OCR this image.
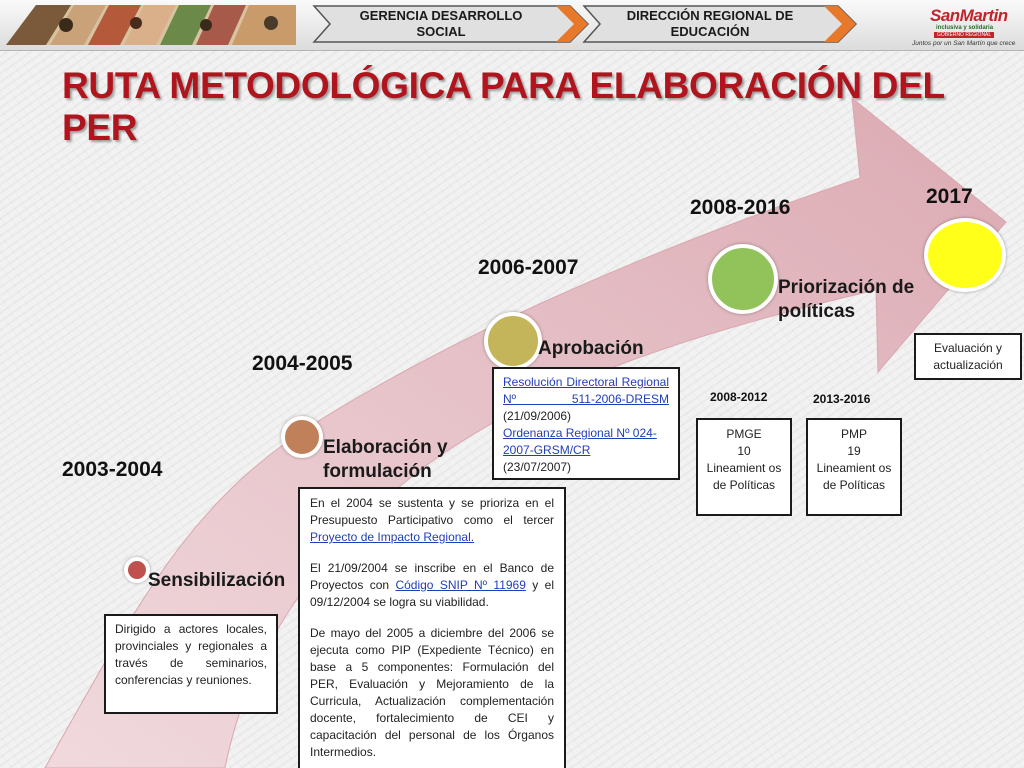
GERENCIA DESARROLLO SOCIAL
DIRECCIÓN REGIONAL DE EDUCACIÓN
SanMartin
inclusiva y solidaria
GOBIERNO REGIONAL
Juntos por un San Martín que crece
RUTA METODOLÓGICA PARA ELABORACIÓN DEL PER
2003-2004
Sensibilización
2004-2005
Elaboración y formulación
2006-2007
Aprobación
2008-2016
Priorización de políticas
2017

Dirigido a actores locales, provinciales y regionales a través de seminarios, conferencias y reuniones.

En el 2004 se sustenta y se prioriza en el Presupuesto Participativo como el tercer Proyecto de Impacto Regional.

El 21/09/2004 se inscribe en el Banco de Proyectos con Código SNIP Nº 11969 y el 09/12/2004 se logra su viabilidad.

De mayo del 2005 a diciembre del 2006 se ejecuta como PIP (Expediente Técnico) en base a 5 componentes: Formulación del PER, Evaluación y Mejoramiento de la Curricula, Actualización complementación docente, fortalecimiento de CEI y capacitación del personal de los Órganos Intermedios.

Resolución Directoral Regional Nº 511-2006-DRESM (21/09/2006)

Ordenanza Regional Nº 024-2007-GRSM/CR
(23/07/2007)

2008-2012

PMGE

10

Lineamient os de Políticas

2013-2016

PMP

19

Lineamient os de Políticas

Evaluación y actualización
